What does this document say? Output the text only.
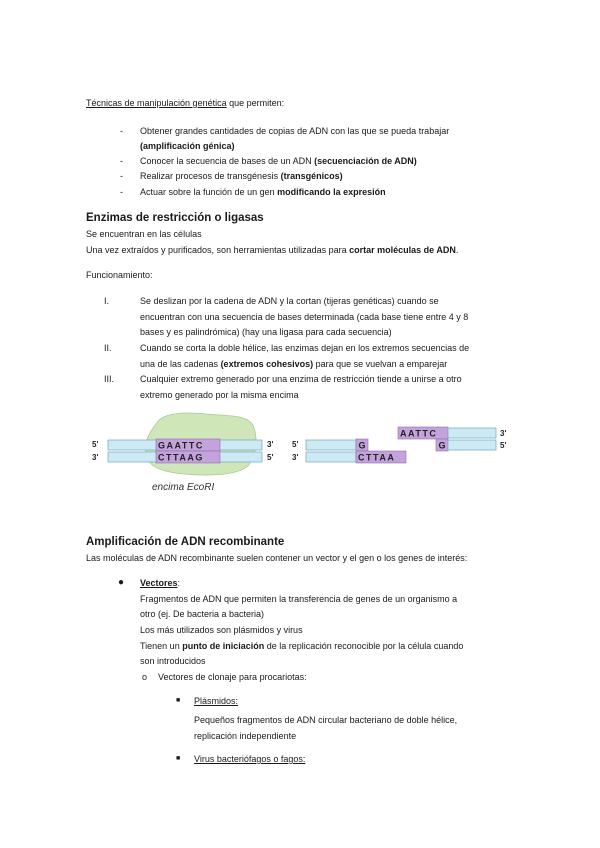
Técnicas de manipulación genética que permiten:
- Obtener grandes cantidades de copias de ADN con las que se pueda trabajar
(amplificación génica)
- Conocer la secuencia de bases de un ADN (secuenciación de ADN)
- Realizar procesos de transgénesis (transgénicos)
- Actuar sobre la función de un gen modificando la expresión
Enzimas de restricción o ligasas
Se encuentran en las células
Una vez extraídos y purificados, son herramientas utilizadas para cortar moléculas de ADN.
Funcionamiento:
I.	Se deslizan por la cadena de ADN y la cortan (tijeras genéticas) cuando se
encuentran con una secuencia de bases determinada (cada base tiene entre 4 y 8
bases y es palindrómica) (hay una ligasa para cada secuencia)
II.	Cuando se corta la doble hélice, las enzimas dejan en los extremos secuencias de
una de las cadenas (extremos cohesivos) para que se vuelvan a emparejar
III.	Cualquier extremo generado por una enzima de restricción tiende a unirse a otro
extremo generado por la misma encima
GAATTC
CTTAAG
5'
3'
3'
5'
encima EcoRI
5'
3'
G
CTTAA
AATTC
G
3'
5'
Amplificación de ADN recombinante
Las moléculas de ADN recombinante suelen contener un vector y el gen o los genes de interés:
● Vectores:
Fragmentos de ADN que permiten la transferencia de genes de un organismo a
otro (ej. De bacteria a bacteria)
Los más utilizados son plásmidos y virus
Tienen un punto de iniciación de la replicación reconocible por la célula cuando
son introducidos
o Vectores de clonaje para procariotas:
■ Plásmidos:
Pequeños fragmentos de ADN circular bacteriano de doble hélice,
replicación independiente
■ Virus bacteriófagos o fagos:
